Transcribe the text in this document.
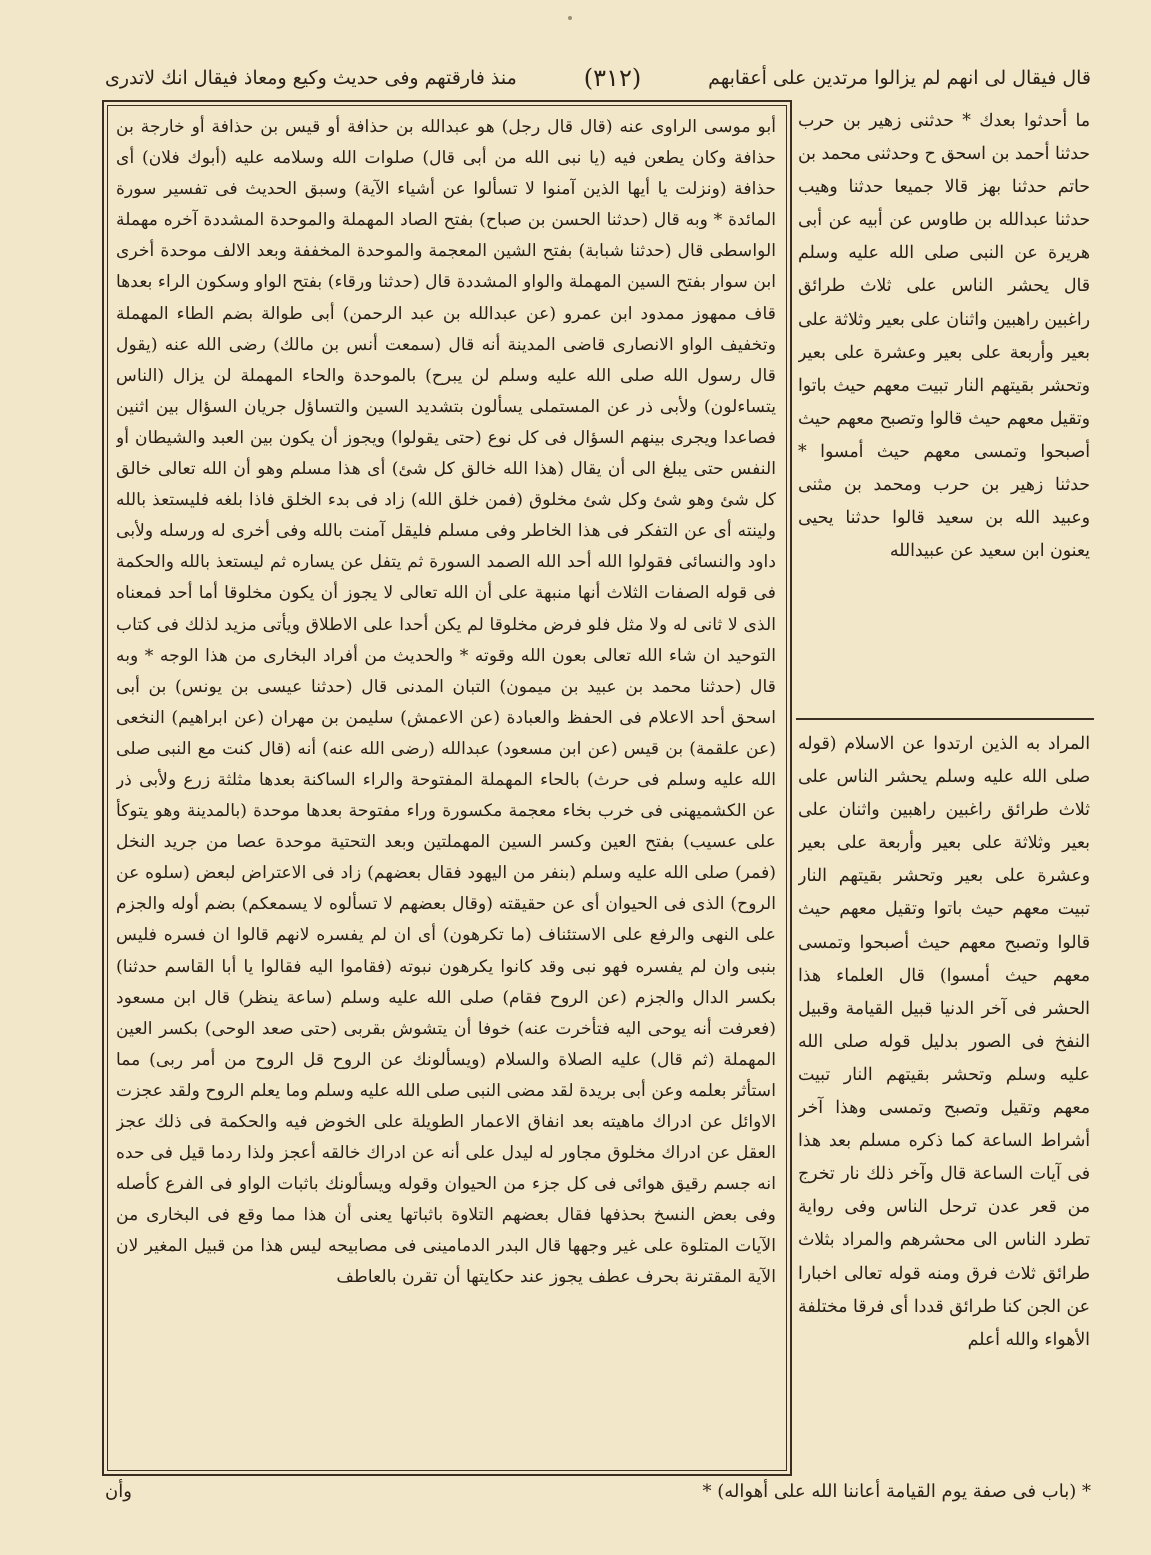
قال فيقال لى انهم لم يزالوا مرتدين على أعقابهم
(٣١٢)
منذ فارقتهم وفى حديث وكيع ومعاذ فيقال انك لاتدرى
أبو موسى الراوى عنه (قال قال رجل) هو عبدالله بن حذافة أو قيس بن حذافة أو خارجة بن حذافة وكان يطعن فيه (يا نبى الله من أبى قال) صلوات الله وسلامه عليه (أبوك فلان) أى حذافة (ونزلت يا أيها الذين آمنوا لا تسألوا عن أشياء الآية) وسبق الحديث فى تفسير سورة المائدة * وبه قال (حدثنا الحسن بن صباح) بفتح الصاد المهملة والموحدة المشددة آخره مهملة الواسطى قال (حدثنا شبابة) بفتح الشين المعجمة والموحدة المخففة وبعد الالف موحدة أخرى ابن سوار بفتح السين المهملة والواو المشددة قال (حدثنا ورقاء) بفتح الواو وسكون الراء بعدها قاف ممهوز ممدود ابن عمرو (عن عبدالله بن عبد الرحمن) أبى طوالة بضم الطاء المهملة وتخفيف الواو الانصارى قاضى المدينة أنه قال (سمعت أنس بن مالك) رضى الله عنه (يقول قال رسول الله صلى الله عليه وسلم لن يبرح) بالموحدة والحاء المهملة لن يزال (الناس يتساءلون) ولأبى ذر عن المستملى يسألون بتشديد السين والتساؤل جريان السؤال بين اثنين فصاعدا ويجرى بينهم السؤال فى كل نوع (حتى يقولوا) ويجوز أن يكون بين العبد والشيطان أو النفس حتى يبلغ الى أن يقال (هذا الله خالق كل شئ) أى هذا مسلم وهو أن الله تعالى خالق كل شئ وهو شئ وكل شئ مخلوق (فمن خلق الله) زاد فى بدء الخلق فاذا بلغه فليستعذ بالله ولينته أى عن التفكر فى هذا الخاطر وفى مسلم فليقل آمنت بالله وفى أخرى له ورسله ولأبى داود والنسائى فقولوا الله أحد الله الصمد السورة ثم يتفل عن يساره ثم ليستعذ بالله والحكمة فى قوله الصفات الثلاث أنها منبهة على أن الله تعالى لا يجوز أن يكون مخلوقا أما أحد فمعناه الذى لا ثانى له ولا مثل فلو فرض مخلوقا لم يكن أحدا على الاطلاق ويأتى مزيد لذلك فى كتاب التوحيد ان شاء الله تعالى بعون الله وقوته * والحديث من أفراد البخارى من هذا الوجه * وبه قال (حدثنا محمد بن عبيد بن ميمون) التبان المدنى قال (حدثنا عيسى بن يونس) بن أبى اسحق أحد الاعلام فى الحفظ والعبادة (عن الاعمش) سليمن بن مهران (عن ابراهيم) النخعى (عن علقمة) بن قيس (عن ابن مسعود) عبدالله (رضى الله عنه) أنه (قال كنت مع النبى صلى الله عليه وسلم فى حرث) بالحاء المهملة المفتوحة والراء الساكنة بعدها مثلثة زرع ولأبى ذر عن الكشميهنى فى خرب بخاء معجمة مكسورة وراء مفتوحة بعدها موحدة (بالمدينة وهو يتوكأ على عسيب) بفتح العين وكسر السين المهملتين وبعد التحتية موحدة عصا من جريد النخل (فمر) صلى الله عليه وسلم (بنفر من اليهود فقال بعضهم) زاد فى الاعتراض لبعض (سلوه عن الروح) الذى فى الحيوان أى عن حقيقته (وقال بعضهم لا تسألوه لا يسمعكم) بضم أوله والجزم على النهى والرفع على الاستئناف (ما تكرهون) أى ان لم يفسره لانهم قالوا ان فسره فليس بنبى وان لم يفسره فهو نبى وقد كانوا يكرهون نبوته (فقاموا اليه فقالوا يا أبا القاسم حدثنا) بكسر الدال والجزم (عن الروح فقام) صلى الله عليه وسلم (ساعة ينظر) قال ابن مسعود (فعرفت أنه يوحى اليه فتأخرت عنه) خوفا أن يتشوش بقربى (حتى صعد الوحى) بكسر العين المهملة (ثم قال) عليه الصلاة والسلام (ويسألونك عن الروح قل الروح من أمر ربى) مما استأثر بعلمه وعن أبى بريدة لقد مضى النبى صلى الله عليه وسلم وما يعلم الروح ولقد عجزت الاوائل عن ادراك ماهيته بعد انفاق الاعمار الطويلة على الخوض فيه والحكمة فى ذلك عجز العقل عن ادراك مخلوق مجاور له ليدل على أنه عن ادراك خالقه أعجز ولذا ردما قيل فى حده انه جسم رقيق هوائى فى كل جزء من الحيوان وقوله ويسألونك باثبات الواو فى الفرع كأصله وفى بعض النسخ بحذفها فقال بعضهم التلاوة باثباتها يعنى أن هذا مما وقع فى البخارى من الآيات المتلوة على غير وجهها قال البدر الدمامينى فى مصابيحه ليس هذا من قبيل المغير لان الآية المقترنة بحرف عطف يجوز عند حكايتها أن تقرن بالعاطف
ما أحدثوا بعدك * حدثنى زهير بن حرب حدثنا أحمد بن اسحق ح وحدثنى محمد بن حاتم حدثنا بهز قالا جميعا حدثنا وهيب حدثنا عبدالله بن طاوس عن أبيه عن أبى هريرة عن النبى صلى الله عليه وسلم قال يحشر الناس على ثلاث طرائق راغبين راهبين واثنان على بعير وثلاثة على بعير وأربعة على بعير وعشرة على بعير وتحشر بقيتهم النار تبيت معهم حيث باتوا وتقيل معهم حيث قالوا وتصبح معهم حيث أصبحوا وتمسى معهم حيث أمسوا * حدثنا زهير بن حرب ومحمد بن مثنى وعبيد الله بن سعيد قالوا حدثنا يحيى يعنون ابن سعيد عن عبيدالله
المراد به الذين ارتدوا عن الاسلام (قوله صلى الله عليه وسلم يحشر الناس على ثلاث طرائق راغبين راهبين واثنان على بعير وثلاثة على بعير وأربعة على بعير وعشرة على بعير وتحشر بقيتهم النار تبيت معهم حيث باتوا وتقيل معهم حيث قالوا وتصبح معهم حيث أصبحوا وتمسى معهم حيث أمسوا) قال العلماء هذا الحشر فى آخر الدنيا قبيل القيامة وقبيل النفخ فى الصور بدليل قوله صلى الله عليه وسلم وتحشر بقيتهم النار تبيت معهم وتقيل وتصبح وتمسى وهذا آخر أشراط الساعة كما ذكره مسلم بعد هذا فى آيات الساعة قال وآخر ذلك نار تخرج من قعر عدن ترحل الناس وفى رواية تطرد الناس الى محشرهم والمراد بثلاث طرائق ثلاث فرق ومنه قوله تعالى اخبارا عن الجن كنا طرائق قددا أى فرقا مختلفة الأهواء والله أعلم
* (باب فى صفة يوم القيامة أعاننا الله على أهواله) *
وأن
